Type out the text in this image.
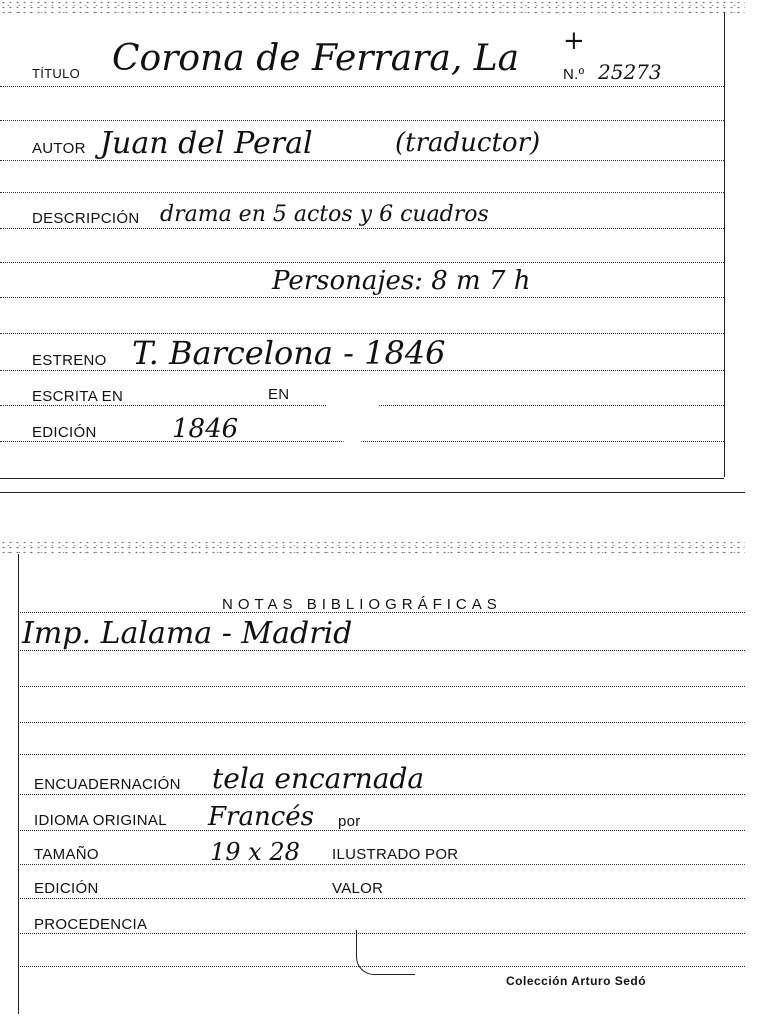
TÍTULO Corona de Ferrara, La +
N.º 25273
AUTOR Juan del Peral	(traductor)
DESCRIPCIÓN drama en 5 actos y 6 cuadros
Personajes: 8 m 7 h
ESTRENO T. Barcelona - 1846
ESCRITA EN	EN
EDICIÓN	1846
NOTAS BIBLIOGRÁFICAS
Imp. Lalama - Madrid
ENCUADERNACIÓN tela encarnada
IDIOMA ORIGINAL Francés por
TAMAÑO	19 x 28 ILUSTRADO POR
EDICIÓN	VALOR
PROCEDENCIA
Colección Arturo Sedó
